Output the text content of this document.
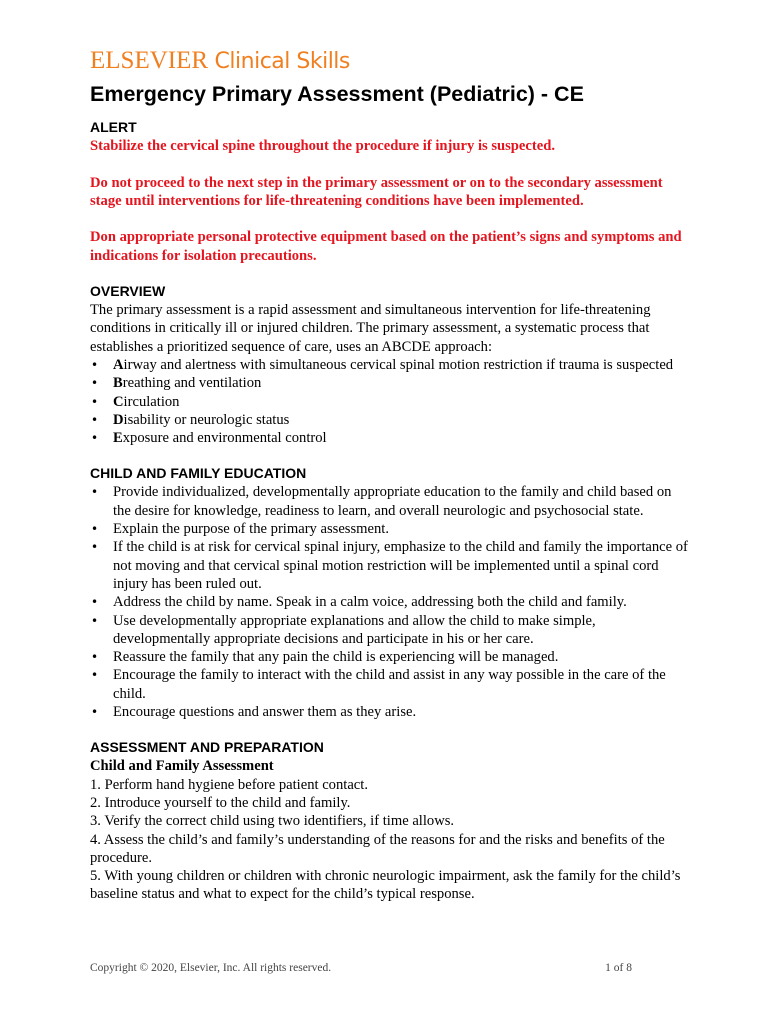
ELSEVIER Clinical Skills
Emergency Primary Assessment (Pediatric) - CE
ALERT

Stabilize the cervical spine throughout the procedure if injury is suspected.

Do not proceed to the next step in the primary assessment or on to the secondary assessment stage until interventions for life-threatening conditions have been implemented.

Don appropriate personal protective equipment based on the patient’s signs and symptoms and indications for isolation precautions.

OVERVIEW

The primary assessment is a rapid assessment and simultaneous intervention for life-threatening conditions in critically ill or injured children. The primary assessment, a systematic process that establishes a prioritized sequence of care, uses an ABCDE approach:

• Airway and alertness with simultaneous cervical spinal motion restriction if trauma is suspected
• Breathing and ventilation
• Circulation
• Disability or neurologic status
• Exposure and environmental control
CHILD AND FAMILY EDUCATION
• Provide individualized, developmentally appropriate education to the family and child based on the desire for knowledge, readiness to learn, and overall neurologic and psychosocial state.
• Explain the purpose of the primary assessment.
• If the child is at risk for cervical spinal injury, emphasize to the child and family the importance of not moving and that cervical spinal motion restriction will be implemented until a spinal cord injury has been ruled out.
• Address the child by name. Speak in a calm voice, addressing both the child and family.
• Use developmentally appropriate explanations and allow the child to make simple, developmentally appropriate decisions and participate in his or her care.
• Reassure the family that any pain the child is experiencing will be managed.
• Encourage the family to interact with the child and assist in any way possible in the care of the child.
• Encourage questions and answer them as they arise.
ASSESSMENT AND PREPARATION

Child and Family Assessment

1. Perform hand hygiene before patient contact.

2. Introduce yourself to the child and family.

3. Verify the correct child using two identifiers, if time allows.

4. Assess the child’s and family’s understanding of the reasons for and the risks and benefits of the procedure.

5. With young children or children with chronic neurologic impairment, ask the family for the child’s baseline status and what to expect for the child’s typical response.

Copyright © 2020, Elsevier, Inc. All rights reserved.	1 of 8
